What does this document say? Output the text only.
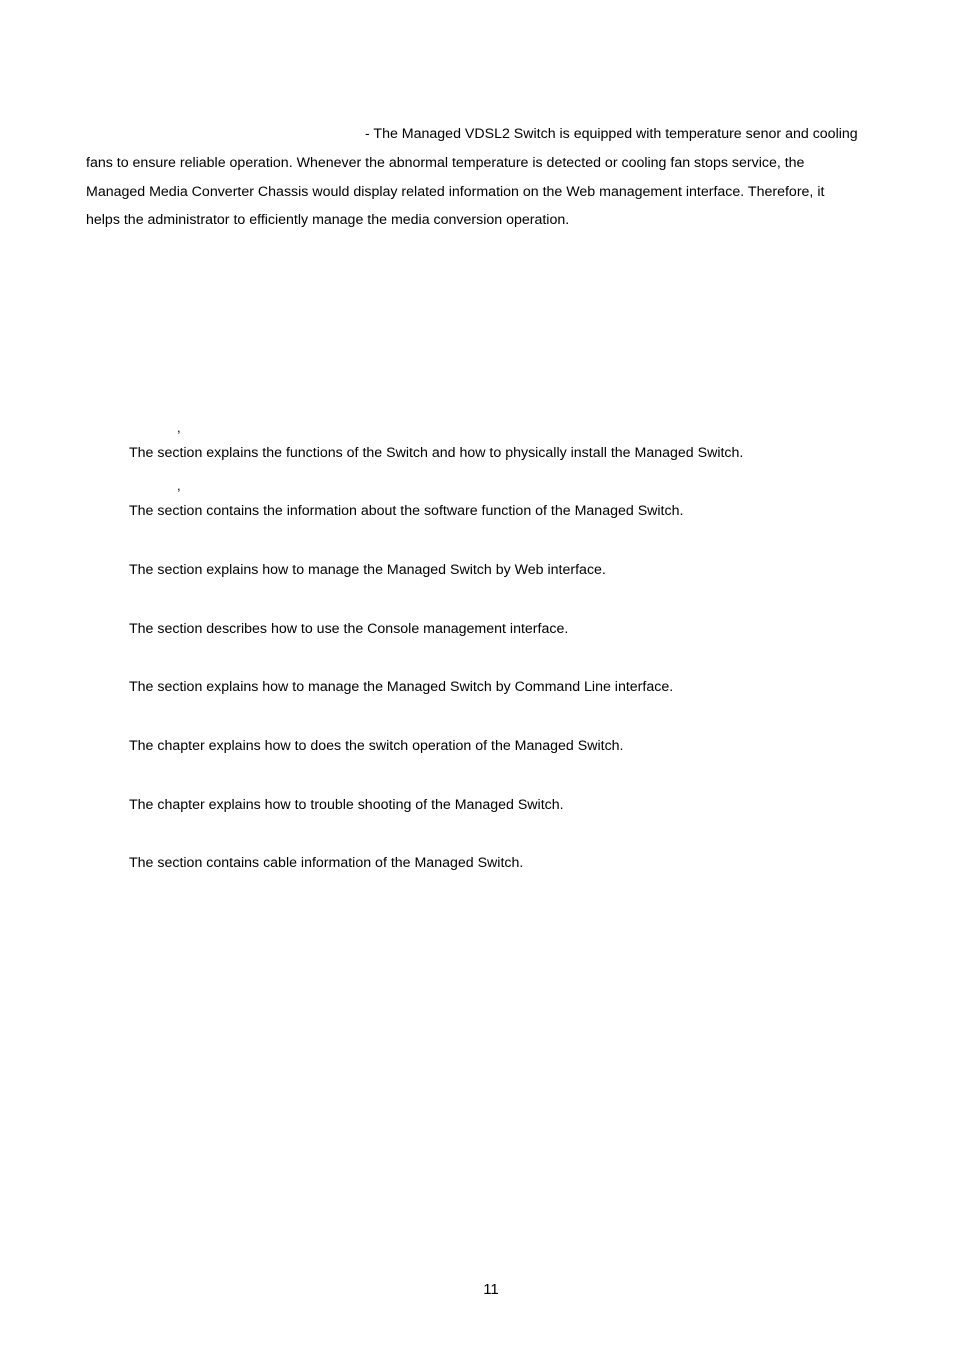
- The Managed VDSL2 Switch is equipped with temperature senor and cooling
fans to ensure reliable operation. Whenever the abnormal temperature is detected or cooling fan stops service, the
Managed Media Converter Chassis would display related information on the Web management interface. Therefore, it
helps the administrator to efficiently manage the media conversion operation.
,
The section explains the functions of the Switch and how to physically install the Managed Switch.
,
The section contains the information about the software function of the Managed Switch.
The section explains how to manage the Managed Switch by Web interface.
The section describes how to use the Console management interface.
The section explains how to manage the Managed Switch by Command Line interface.
The chapter explains how to does the switch operation of the Managed Switch.
The chapter explains how to trouble shooting of the Managed Switch.
The section contains cable information of the Managed Switch.
11
